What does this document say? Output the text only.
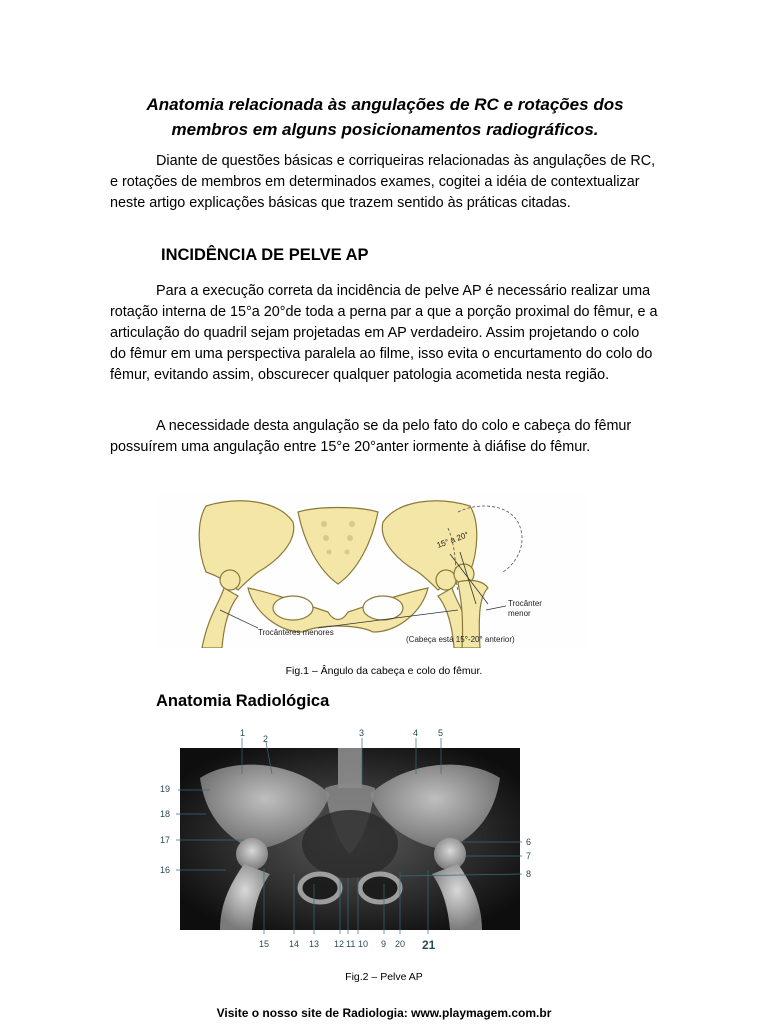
Anatomia relacionada às angulações de RC e rotações dos
membros em alguns posicionamentos radiográficos.

Diante de questões básicas e corriqueiras relacionadas às angulações de RC, e rotações de membros em determinados exames, cogitei a idéia de contextualizar neste artigo explicações básicas que trazem sentido às práticas citadas.

INCIDÊNCIA DE PELVE AP

Para a execução correta da incidência de pelve AP é necessário realizar uma rotação interna de 15°a 20°de toda a perna par a que a porção proximal do fêmur, e a articulação do quadril sejam projetadas em AP verdadeiro. Assim projetando o colo do fêmur em uma perspectiva paralela ao filme, isso evita o encurtamento do colo do fêmur, evitando assim, obscurecer qualquer patologia acometida nesta região.

A necessidade desta angulação se da pelo fato do colo e cabeça do fêmur possuírem uma angulação entre 15°e 20°anter iormente à diáfise do fêmur.

Trocânteres menores
15° a 20°
Trocânter
menor
(Cabeça está 15°-20° anterior)
Fig.1 – Ângulo da cabeça e colo do fêmur.
Anatomia Radiológica
1
2
3	4 5
19
18
17
16
6
7
8
15 14 13 12 11 10 9 20 21
Fig.2 – Pelve AP
Visite o nosso site de Radiologia: www.playmagem.com.br
